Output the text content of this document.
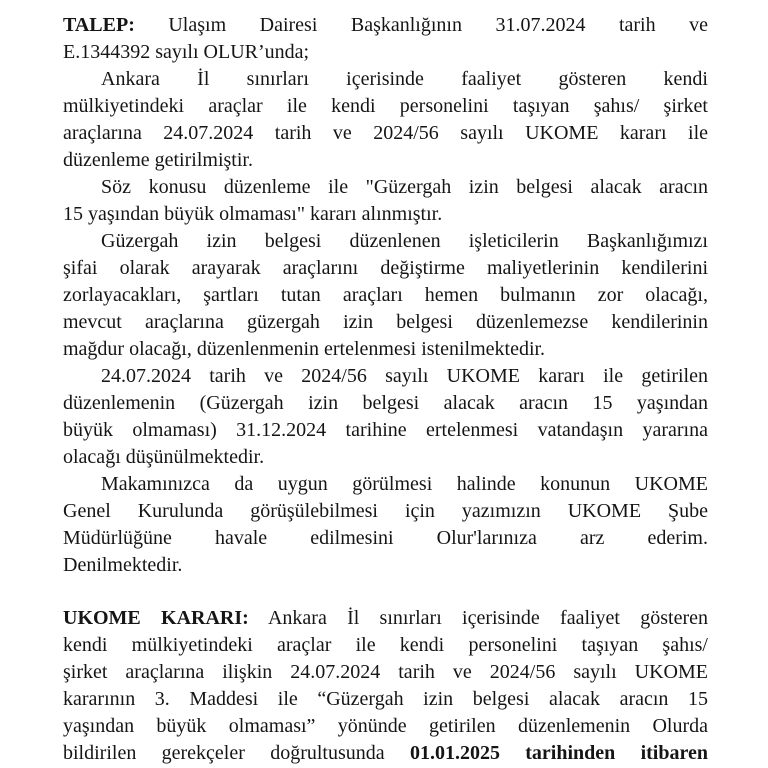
TALEP: Ulaşım Dairesi Başkanlığının 31.07.2024 tarih ve
E.1344392 sayılı OLUR’unda;
Ankara İl sınırları içerisinde faaliyet gösteren kendi
mülkiyetindeki araçlar ile kendi personelini taşıyan şahıs/ şirket
araçlarına 24.07.2024 tarih ve 2024/56 sayılı UKOME kararı ile
düzenleme getirilmiştir.
Söz konusu düzenleme ile "Güzergah izin belgesi alacak aracın
15 yaşından büyük olmaması" kararı alınmıştır.
Güzergah izin belgesi düzenlenen işleticilerin Başkanlığımızı
şifai olarak arayarak araçlarını değiştirme maliyetlerinin kendilerini
zorlayacakları, şartları tutan araçları hemen bulmanın zor olacağı,
mevcut araçlarına güzergah izin belgesi düzenlemezse kendilerinin
mağdur olacağı, düzenlenmenin ertelenmesi istenilmektedir.
24.07.2024 tarih ve 2024/56 sayılı UKOME kararı ile getirilen
düzenlemenin (Güzergah izin belgesi alacak aracın 15 yaşından
büyük olmaması) 31.12.2024 tarihine ertelenmesi vatandaşın yararına
olacağı düşünülmektedir.
Makamınızca da uygun görülmesi halinde konunun UKOME
Genel Kurulunda görüşülebilmesi için yazımızın UKOME Şube
Müdürlüğüne havale edilmesini Olur'larınıza arz ederim.
Denilmektedir.
UKOME KARARI: Ankara İl sınırları içerisinde faaliyet gösteren
kendi mülkiyetindeki araçlar ile kendi personelini taşıyan şahıs/
şirket araçlarına ilişkin 24.07.2024 tarih ve 2024/56 sayılı UKOME
kararının 3. Maddesi ile “Güzergah izin belgesi alacak aracın 15
yaşından büyük olmaması” yönünde getirilen düzenlemenin Olurda
bildirilen gerekçeler doğrultusunda 01.01.2025 tarihinden itibaren
